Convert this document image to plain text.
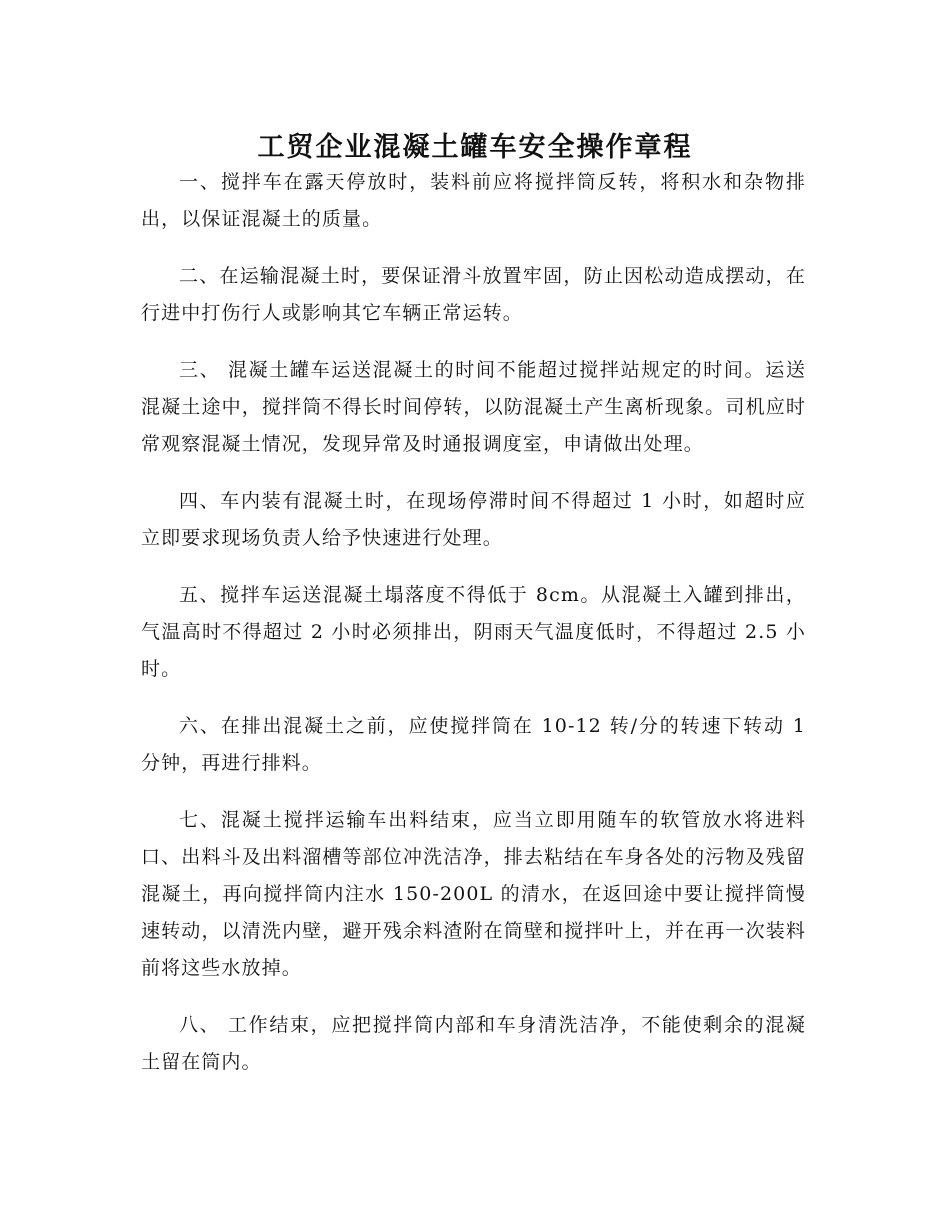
工贸企业混凝土罐车安全操作章程

一、搅拌车在露天停放时，装料前应将搅拌筒反转，将积水和杂物排出，以保证混凝土的质量。

二、在运输混凝土时，要保证滑斗放置牢固，防止因松动造成摆动，在行进中打伤行人或影响其它车辆正常运转。

三、 混凝土罐车运送混凝土的时间不能超过搅拌站规定的时间。运送混凝土途中，搅拌筒不得长时间停转，以防混凝土产生离析现象。司机应时常观察混凝土情况，发现异常及时通报调度室，申请做出处理。

四、车内装有混凝土时，在现场停滞时间不得超过 1 小时，如超时应立即要求现场负责人给予快速进行处理。

五、搅拌车运送混凝土塌落度不得低于 8cm。从混凝土入罐到排出，气温高时不得超过 2 小时必须排出，阴雨天气温度低时，不得超过 2.5 小时。

六、在排出混凝土之前，应使搅拌筒在 10-12 转/分的转速下转动 1 分钟，再进行排料。

七、混凝土搅拌运输车出料结束，应当立即用随车的软管放水将进料口、出料斗及出料溜槽等部位冲洗洁净，排去粘结在车身各处的污物及残留混凝土，再向搅拌筒内注水 150-200L 的清水，在返回途中要让搅拌筒慢速转动，以清洗内壁，避开残余料渣附在筒壁和搅拌叶上，并在再一次装料前将这些水放掉。

八、 工作结束，应把搅拌筒内部和车身清洗洁净，不能使剩余的混凝土留在筒内。
